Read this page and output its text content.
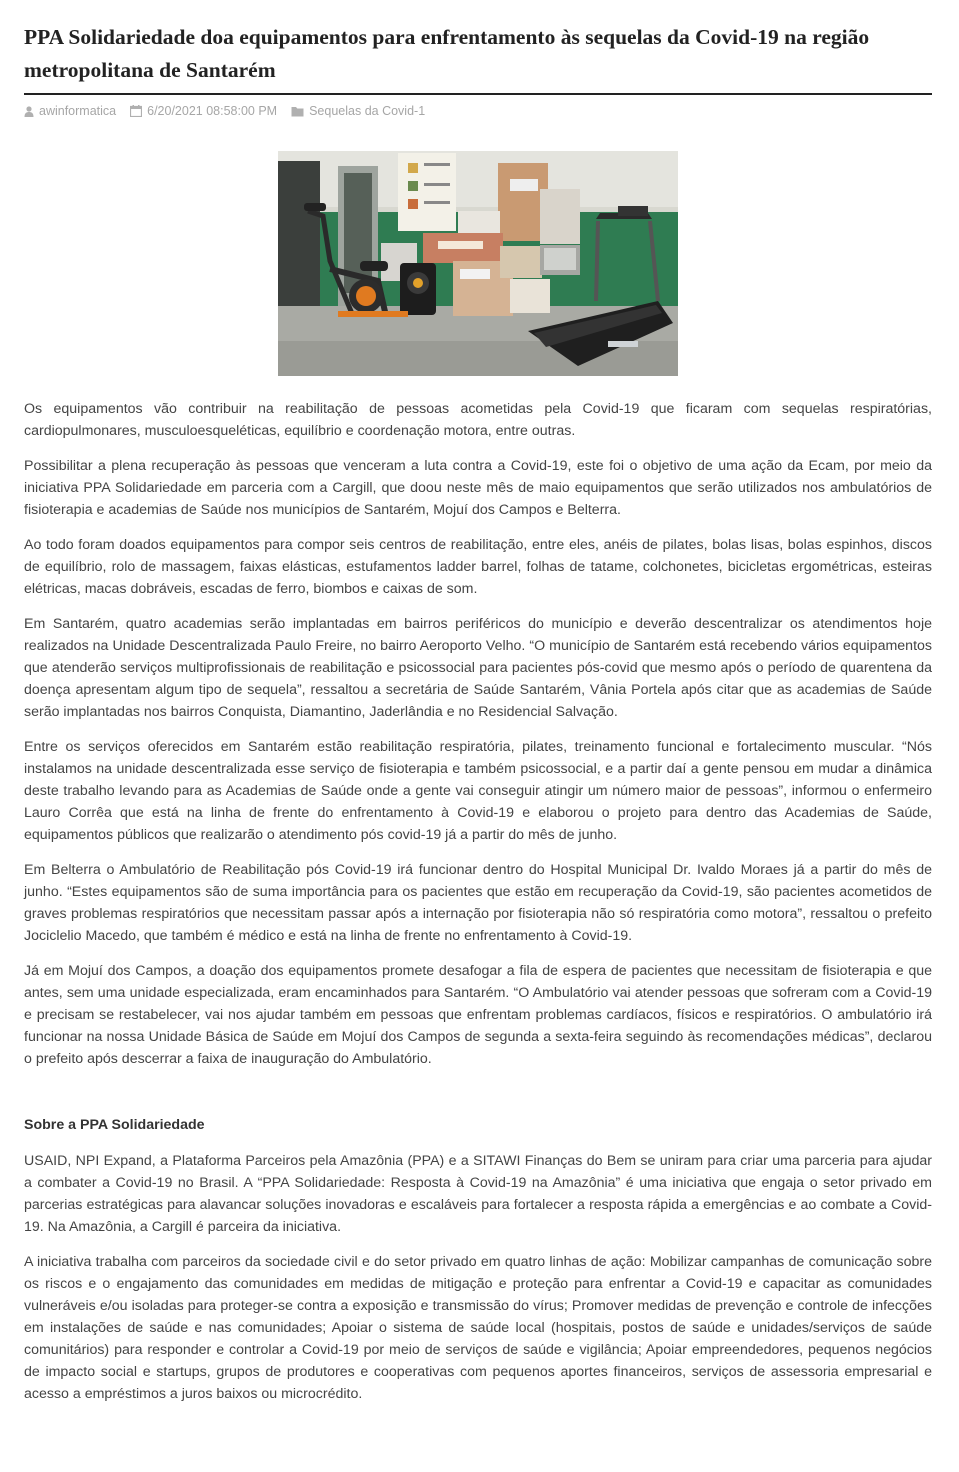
PPA Solidariedade doa equipamentos para enfrentamento às sequelas da Covid-19 na região metropolitana de Santarém
awinformatica 6/20/2021 08:58:00 PM	Sequelas da Covid-1

Os equipamentos vão contribuir na reabilitação de pessoas acometidas pela Covid-19 que ficaram com sequelas respiratórias, cardiopulmonares, musculoesqueléticas, equilíbrio e coordenação motora, entre outras.

Possibilitar a plena recuperação às pessoas que venceram a luta contra a Covid-19, este foi o objetivo de uma ação da Ecam, por meio da iniciativa PPA Solidariedade em parceria com a Cargill, que doou neste mês de maio equipamentos que serão utilizados nos ambulatórios de fisioterapia e academias de Saúde nos municípios de Santarém, Mojuí dos Campos e Belterra.

Ao todo foram doados equipamentos para compor seis centros de reabilitação, entre eles, anéis de pilates, bolas lisas, bolas espinhos, discos de equilíbrio, rolo de massagem, faixas elásticas, estufamentos ladder barrel, folhas de tatame, colchonetes, bicicletas ergométricas, esteiras elétricas, macas dobráveis, escadas de ferro, biombos e caixas de som.

Em Santarém, quatro academias serão implantadas em bairros periféricos do município e deverão descentralizar os atendimentos hoje realizados na Unidade Descentralizada Paulo Freire, no bairro Aeroporto Velho. “O município de Santarém está recebendo vários equipamentos que atenderão serviços multiprofissionais de reabilitação e psicossocial para pacientes pós-covid que mesmo após o período de quarentena da doença apresentam algum tipo de sequela”, ressaltou a secretária de Saúde Santarém, Vânia Portela após citar que as academias de Saúde serão implantadas nos bairros Conquista, Diamantino, Jaderlândia e no Residencial Salvação.

Entre os serviços oferecidos em Santarém estão reabilitação respiratória, pilates, treinamento funcional e fortalecimento muscular. “Nós instalamos na unidade descentralizada esse serviço de fisioterapia e também psicossocial, e a partir daí a gente pensou em mudar a dinâmica deste trabalho levando para as Academias de Saúde onde a gente vai conseguir atingir um número maior de pessoas”, informou o enfermeiro Lauro Corrêa que está na linha de frente do enfrentamento à Covid-19 e elaborou o projeto para dentro das Academias de Saúde, equipamentos públicos que realizarão o atendimento pós covid-19 já a partir do mês de junho.

Em Belterra o Ambulatório de Reabilitação pós Covid-19 irá funcionar dentro do Hospital Municipal Dr. Ivaldo Moraes já a partir do mês de junho. “Estes equipamentos são de suma importância para os pacientes que estão em recuperação da Covid-19, são pacientes acometidos de graves problemas respiratórios que necessitam passar após a internação por fisioterapia não só respiratória como motora”, ressaltou o prefeito Jociclelio Macedo, que também é médico e está na linha de frente no enfrentamento à Covid-19.

Já em Mojuí dos Campos, a doação dos equipamentos promete desafogar a fila de espera de pacientes que necessitam de fisioterapia e que antes, sem uma unidade especializada, eram encaminhados para Santarém. “O Ambulatório vai atender pessoas que sofreram com a Covid-19 e precisam se restabelecer, vai nos ajudar também em pessoas que enfrentam problemas cardíacos, físicos e respiratórios. O ambulatório irá funcionar na nossa Unidade Básica de Saúde em Mojuí dos Campos de segunda a sexta-feira seguindo às recomendações médicas”, declarou o prefeito após descerrar a faixa de inauguração do Ambulatório.

Sobre a PPA Solidariedade

USAID, NPI Expand, a Plataforma Parceiros pela Amazônia (PPA) e a SITAWI Finanças do Bem se uniram para criar uma parceria para ajudar a combater a Covid-19 no Brasil. A “PPA Solidariedade: Resposta à Covid-19 na Amazônia” é uma iniciativa que engaja o setor privado em parcerias estratégicas para alavancar soluções inovadoras e escaláveis para fortalecer a resposta rápida a emergências e ao combate a Covid-19. Na Amazônia, a Cargill é parceira da iniciativa.

A iniciativa trabalha com parceiros da sociedade civil e do setor privado em quatro linhas de ação: Mobilizar campanhas de comunicação sobre os riscos e o engajamento das comunidades em medidas de mitigação e proteção para enfrentar a Covid-19 e capacitar as comunidades vulneráveis e/ou isoladas para proteger-se contra a exposição e transmissão do vírus; Promover medidas de prevenção e controle de infecções em instalações de saúde e nas comunidades; Apoiar o sistema de saúde local (hospitais, postos de saúde e unidades/serviços de saúde comunitários) para responder e controlar a Covid-19 por meio de serviços de saúde e vigilância; Apoiar empreendedores, pequenos negócios de impacto social e startups, grupos de produtores e cooperativas com pequenos aportes financeiros, serviços de assessoria empresarial e acesso a empréstimos a juros baixos ou microcrédito.
